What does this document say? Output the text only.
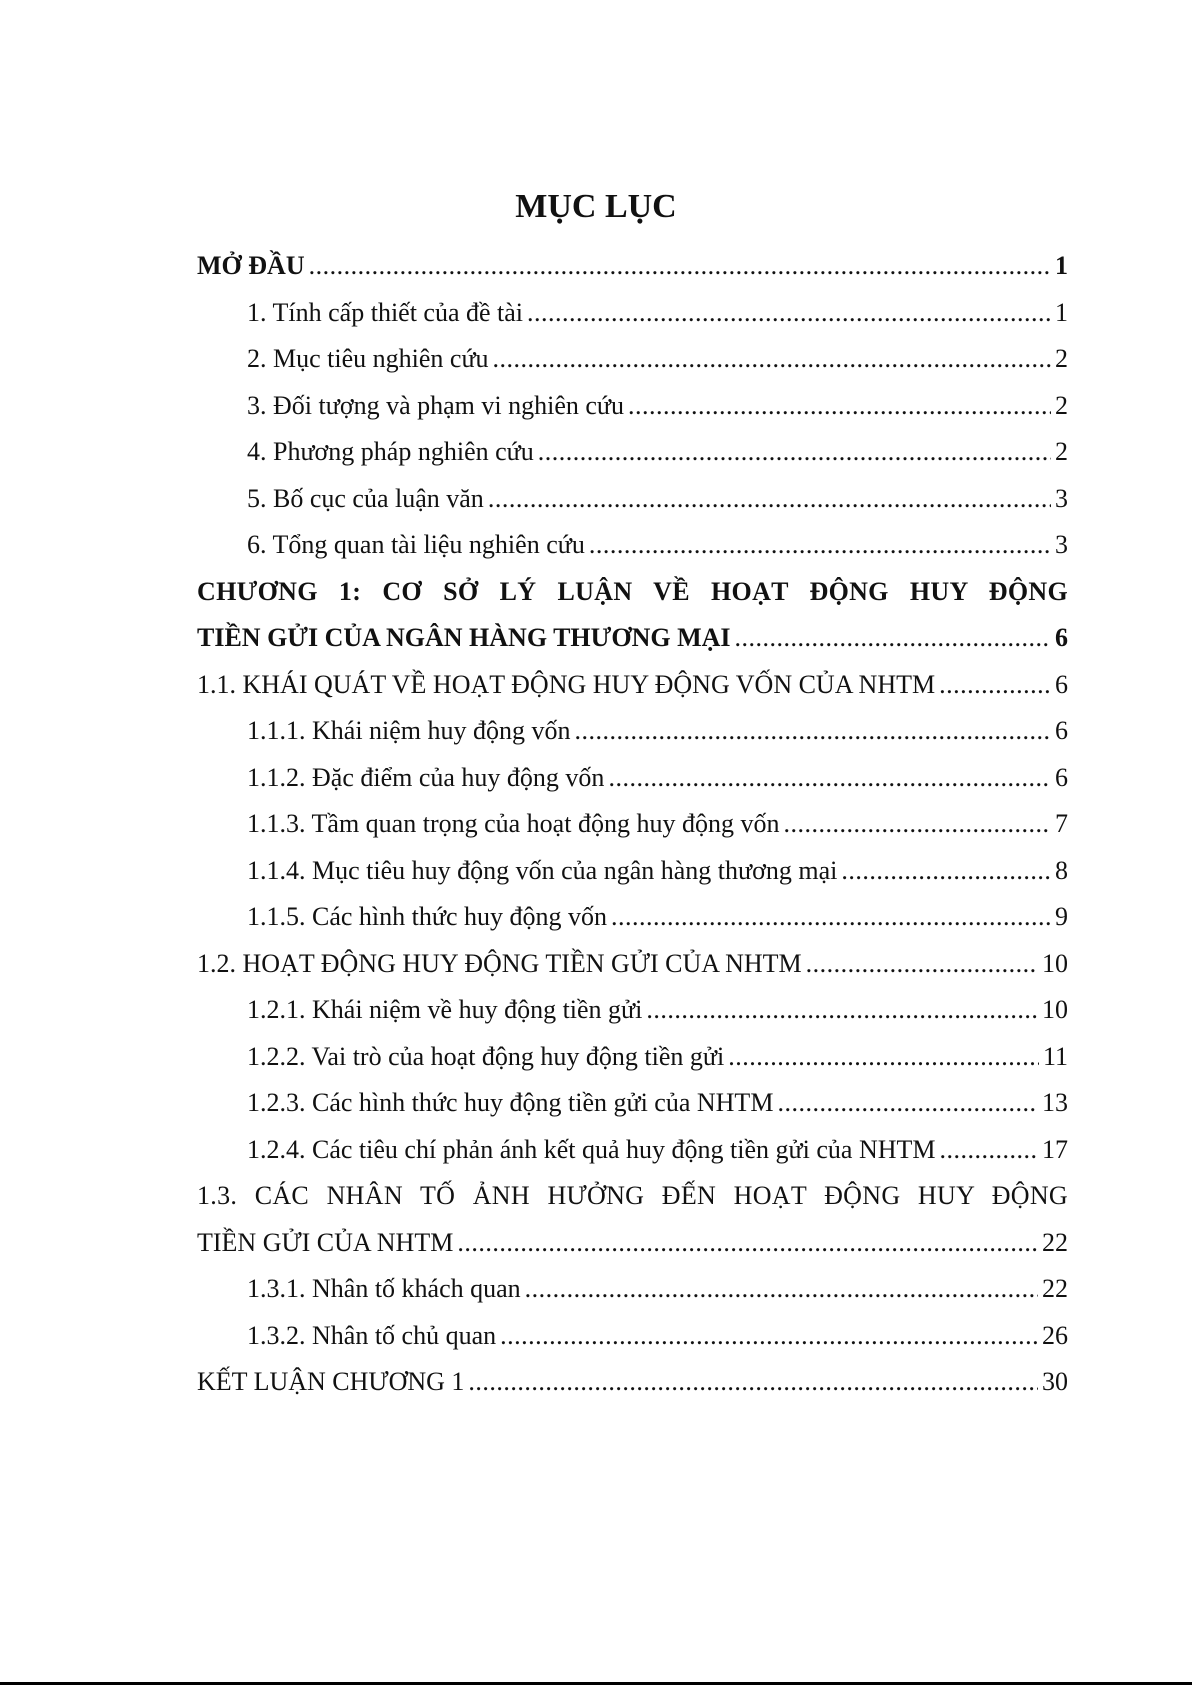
MỤC LỤC
MỞ ĐẦU .....	1
1. Tính cấp thiết của đề tài .....	1
2. Mục tiêu nghiên cứu .....	2
3. Đối tượng và phạm vi nghiên cứu .....	2
4. Phương pháp nghiên cứu .....	2
5. Bố cục của luận văn .....	3
6. Tổng quan tài liệu nghiên cứu .....	3
CHƯƠNG 1: CƠ SỞ LÝ LUẬN VỀ HOẠT ĐỘNG HUY ĐỘNG
TIỀN GỬI CỦA NGÂN HÀNG THƯƠNG MẠI .....	6
1.1. KHÁI QUÁT VỀ HOẠT ĐỘNG HUY ĐỘNG VỐN CỦA NHTM .....	6
1.1.1. Khái niệm huy động vốn .....	6
1.1.2. Đặc điểm của huy động vốn .....	6
1.1.3. Tầm quan trọng của hoạt động huy động vốn .....	7
1.1.4. Mục tiêu huy động vốn của ngân hàng thương mại .....	8
1.1.5. Các hình thức huy động vốn .....	9
1.2. HOẠT ĐỘNG HUY ĐỘNG TIỀN GỬI CỦA NHTM .....	10
1.2.1. Khái niệm về huy động tiền gửi .....	10
1.2.2. Vai trò của hoạt động huy động tiền gửi .....	11
1.2.3. Các hình thức huy động tiền gửi của NHTM .....	13
1.2.4. Các tiêu chí phản ánh kết quả huy động tiền gửi của NHTM .....	17
1.3. CÁC NHÂN TỐ ẢNH HƯỞNG ĐẾN HOẠT ĐỘNG HUY ĐỘNG
TIỀN GỬI CỦA NHTM .....	22
1.3.1. Nhân tố khách quan .....	22
1.3.2. Nhân tố chủ quan .....	26
KẾT LUẬN CHƯƠNG 1 .....	30
